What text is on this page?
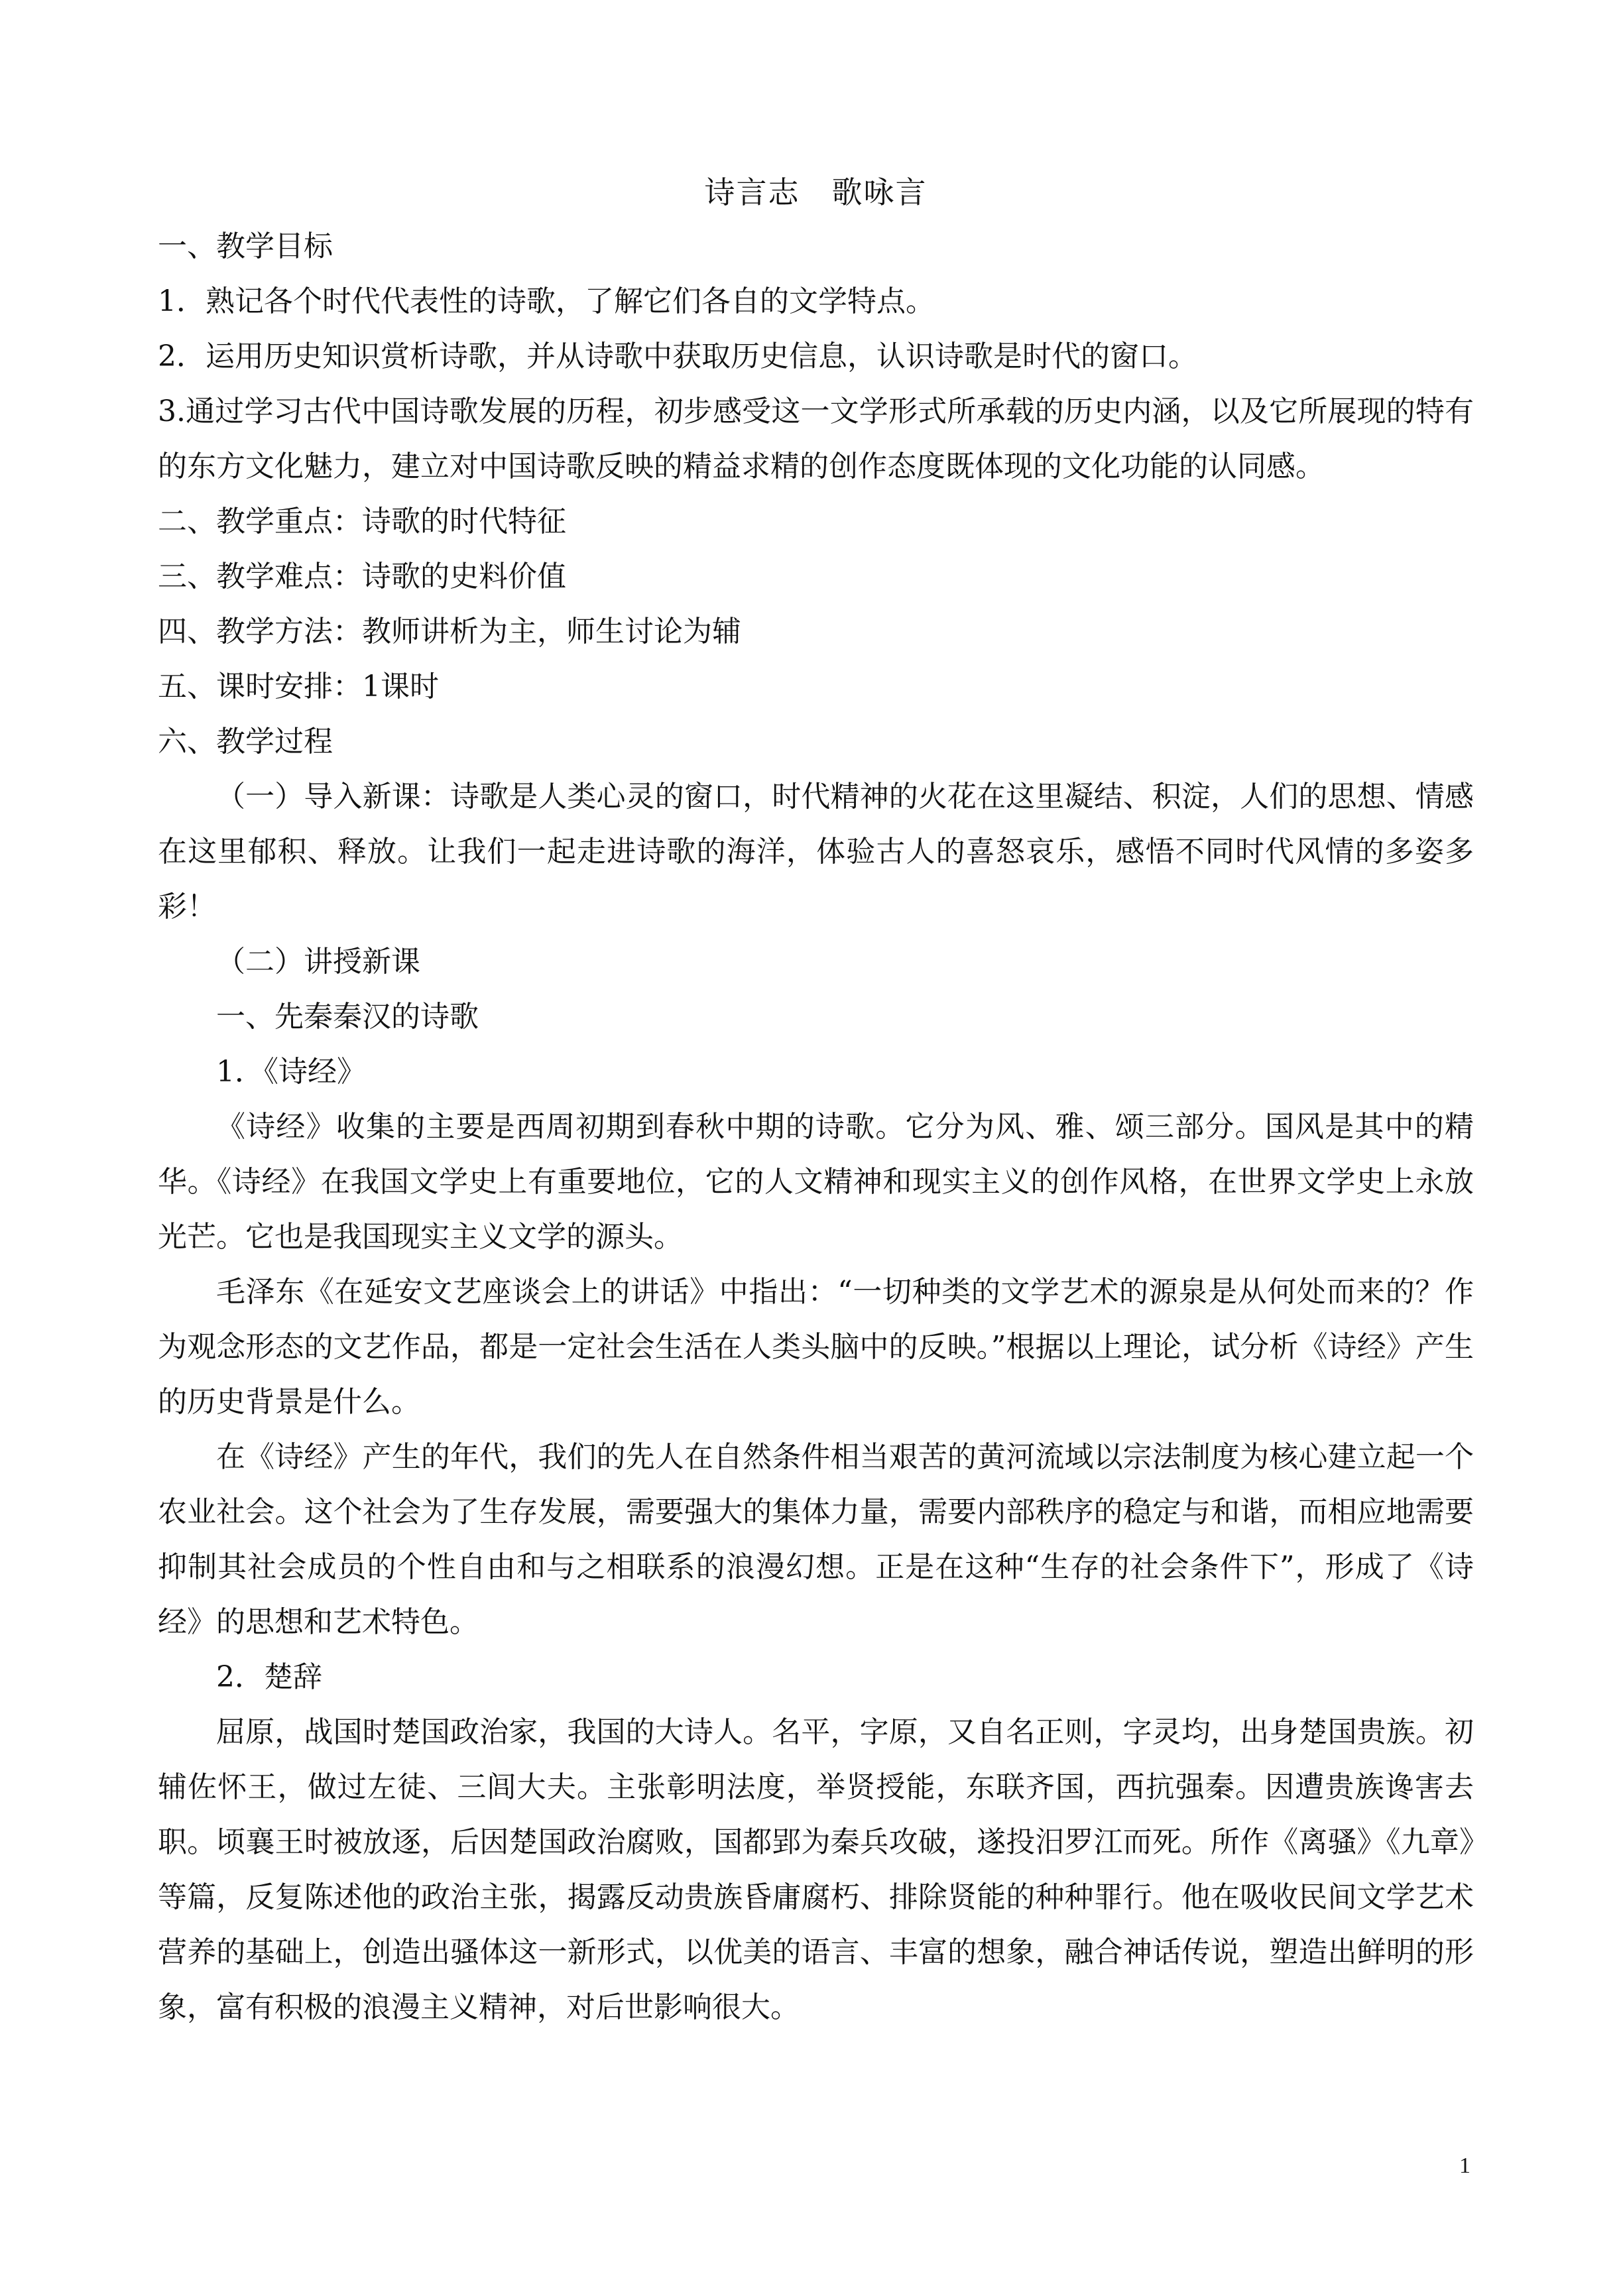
诗言志　歌咏言

一、教学目标

1．熟记各个时代代表性的诗歌，了解它们各自的文学特点。

2．运用历史知识赏析诗歌，并从诗歌中获取历史信息，认识诗歌是时代的窗口。

3.通过学习古代中国诗歌发展的历程，初步感受这一文学形式所承载的历史内涵，以及它所展现的特有的东方文化魅力，建立对中国诗歌反映的精益求精的创作态度既体现的文化功能的认同感。

二、教学重点：诗歌的时代特征

三、教学难点：诗歌的史料价值

四、教学方法：教师讲析为主，师生讨论为辅

五、课时安排：1课时

六、教学过程

（一）导入新课：诗歌是人类心灵的窗口，时代精神的火花在这里凝结、积淀，人们的思想、情感在这里郁积、释放。让我们一起走进诗歌的海洋，体验古人的喜怒哀乐，感悟不同时代风情的多姿多彩！

（二）讲授新课

一、先秦秦汉的诗歌

1．《诗经》

《诗经》收集的主要是西周初期到春秋中期的诗歌。它分为风、雅、颂三部分。国风是其中的精华。《诗经》在我国文学史上有重要地位，它的人文精神和现实主义的创作风格，在世界文学史上永放光芒。它也是我国现实主义文学的源头。

毛泽东《在延安文艺座谈会上的讲话》中指出：“一切种类的文学艺术的源泉是从何处而来的？作为观念形态的文艺作品，都是一定社会生活在人类头脑中的反映。”根据以上理论，试分析《诗经》产生的历史背景是什么。

在《诗经》产生的年代，我们的先人在自然条件相当艰苦的黄河流域以宗法制度为核心建立起一个农业社会。这个社会为了生存发展，需要强大的集体力量，需要内部秩序的稳定与和谐，而相应地需要抑制其社会成员的个性自由和与之相联系的浪漫幻想。正是在这种“生存的社会条件下”，形成了《诗经》的思想和艺术特色。

2．楚辞

屈原，战国时楚国政治家，我国的大诗人。名平，字原，又自名正则，字灵均，出身楚国贵族。初辅佐怀王，做过左徒、三闾大夫。主张彰明法度，举贤授能，东联齐国，西抗强秦。因遭贵族谗害去职。顷襄王时被放逐，后因楚国政治腐败，国都郢为秦兵攻破，遂投汨罗江而死。所作《离骚》《九章》等篇，反复陈述他的政治主张，揭露反动贵族昏庸腐朽、排除贤能的种种罪行。他在吸收民间文学艺术营养的基础上，创造出骚体这一新形式，以优美的语言、丰富的想象，融合神话传说，塑造出鲜明的形象，富有积极的浪漫主义精神，对后世影响很大。

1
